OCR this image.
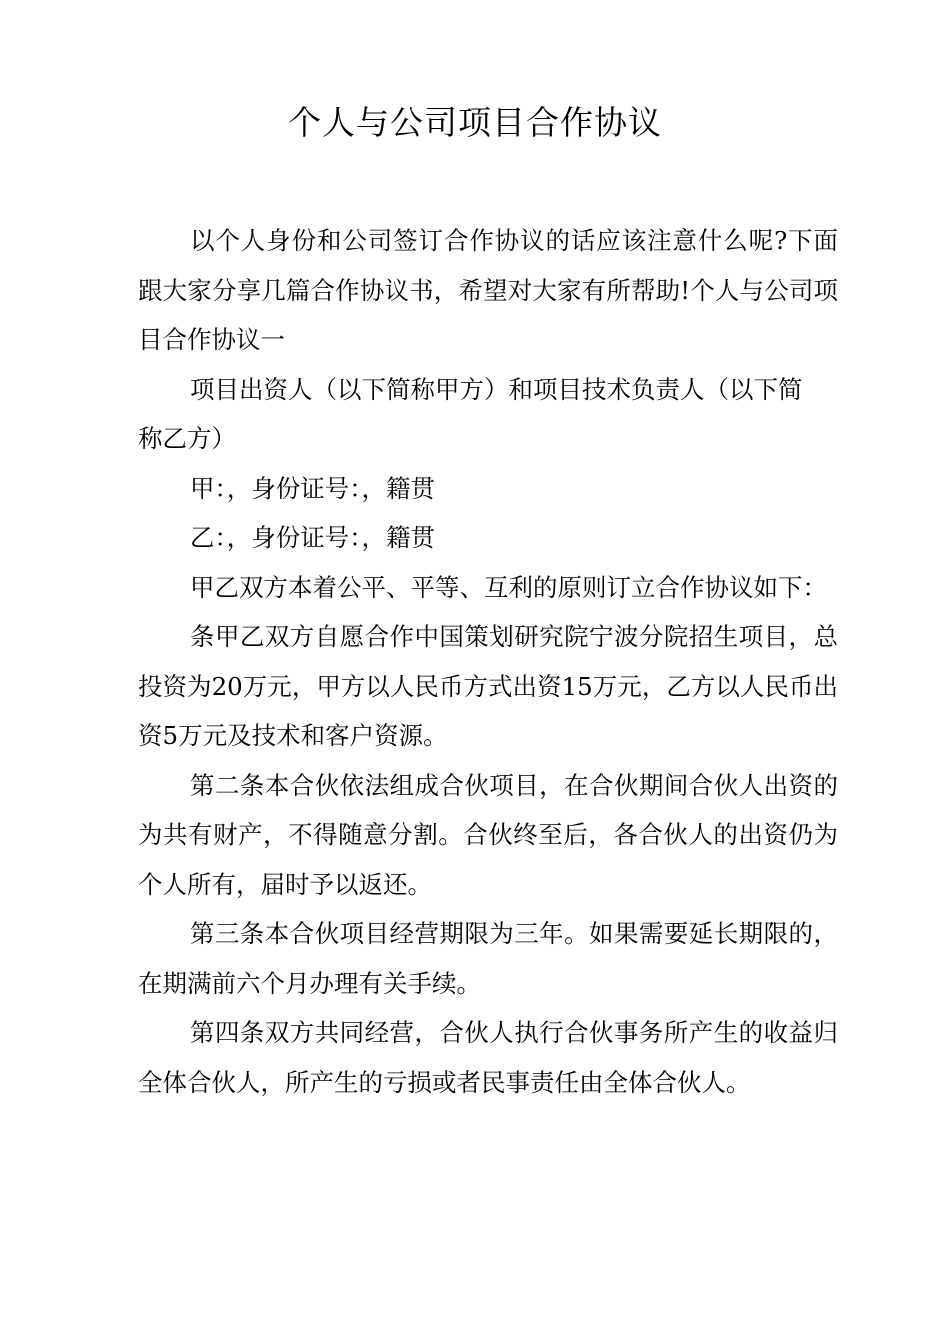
个人与公司项目合作协议

以个人身份和公司签订合作协议的话应该注意什么呢?下面跟大家分享几篇合作协议书，希望对大家有所帮助!个人与公司项目合作协议一

项目出资人（以下简称甲方）和项目技术负责人（以下简

称乙方）

甲：，身份证号：，籍贯

乙：，身份证号：，籍贯

甲乙双方本着公平、平等、互利的原则订立合作协议如下：

条甲乙双方自愿合作中国策划研究院宁波分院招生项目，总投资为20万元，甲方以人民币方式出资15万元，乙方以人民币出资5万元及技术和客户资源。

第二条本合伙依法组成合伙项目，在合伙期间合伙人出资的为共有财产，不得随意分割。合伙终至后，各合伙人的出资仍为个人所有，届时予以返还。

第三条本合伙项目经营期限为三年。如果需要延长期限的，在期满前六个月办理有关手续。

第四条双方共同经营，合伙人执行合伙事务所产生的收益归全体合伙人，所产生的亏损或者民事责任由全体合伙人。
